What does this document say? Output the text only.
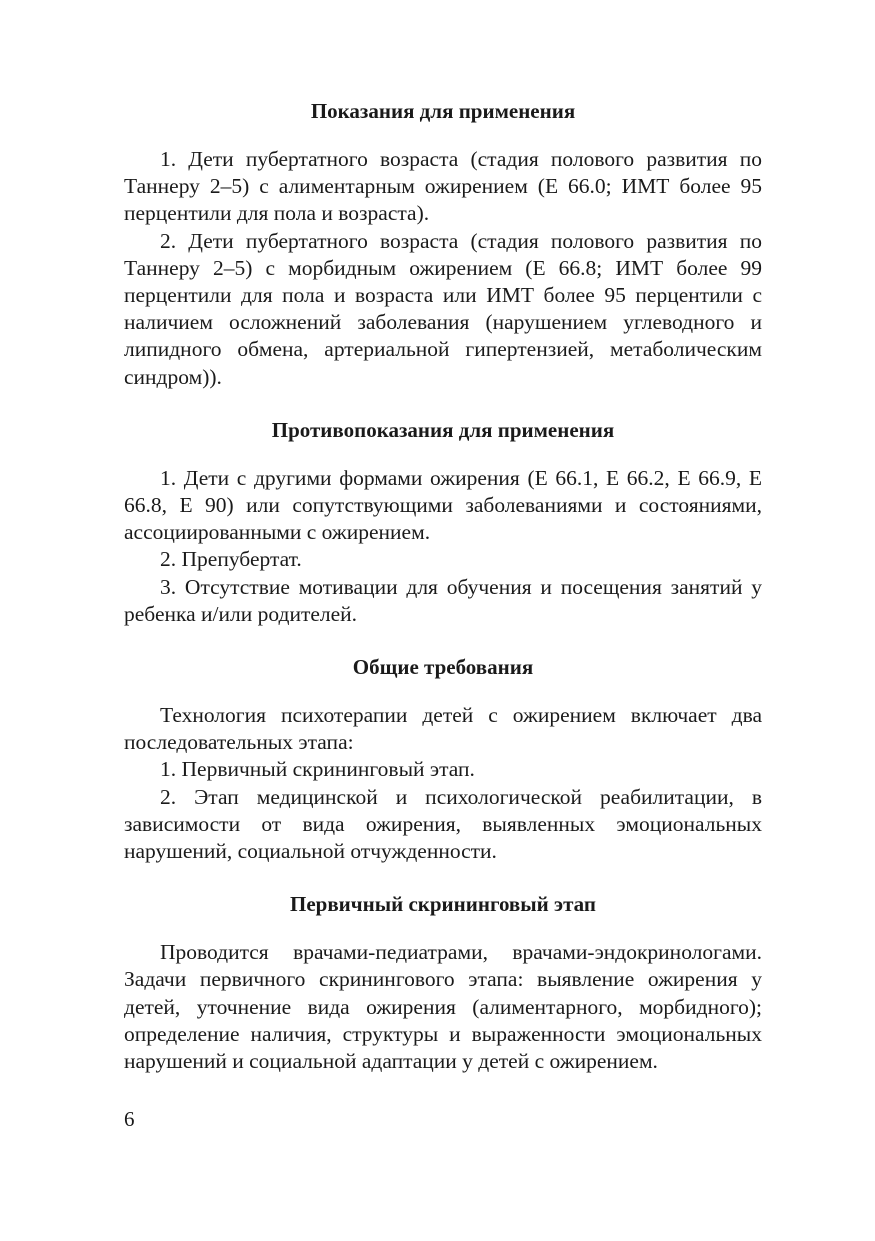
Показания для применения

1. Дети пубертатного возраста (стадия полового развития по Таннеру 2–5) с алиментарным ожирением (Е 66.0; ИМТ более 95 перцентили для пола и возраста).

2. Дети пубертатного возраста (стадия полового развития по Таннеру 2–5) с морбидным ожирением (Е 66.8; ИМТ более 99 перцентили для пола и возраста или ИМТ более 95 перцентили с наличием осложнений заболевания (нарушением углеводного и липидного обмена, артериальной гипертензией, метаболическим синдром)).

Противопоказания для применения

1. Дети с другими формами ожирения (Е 66.1, Е 66.2, Е 66.9, Е 66.8, Е 90) или сопутствующими заболеваниями и состояниями, ассоциированными с ожирением.

2. Препубертат.

3. Отсутствие мотивации для обучения и посещения занятий у ребенка и/или родителей.

Общие требования

Технология психотерапии детей с ожирением включает два последовательных этапа:

1. Первичный скрининговый этап.

2. Этап медицинской и психологической реабилитации, в зависимости от вида ожирения, выявленных эмоциональных нарушений, социальной отчужденности.

Первичный скрининговый этап

Проводится врачами-педиатрами, врачами-эндокринологами. Задачи первичного скринингового этапа: выявление ожирения у детей, уточнение вида ожирения (алиментарного, морбидного); определение наличия, структуры и выраженности эмоциональных нарушений и социальной адаптации у детей с ожирением.

6
